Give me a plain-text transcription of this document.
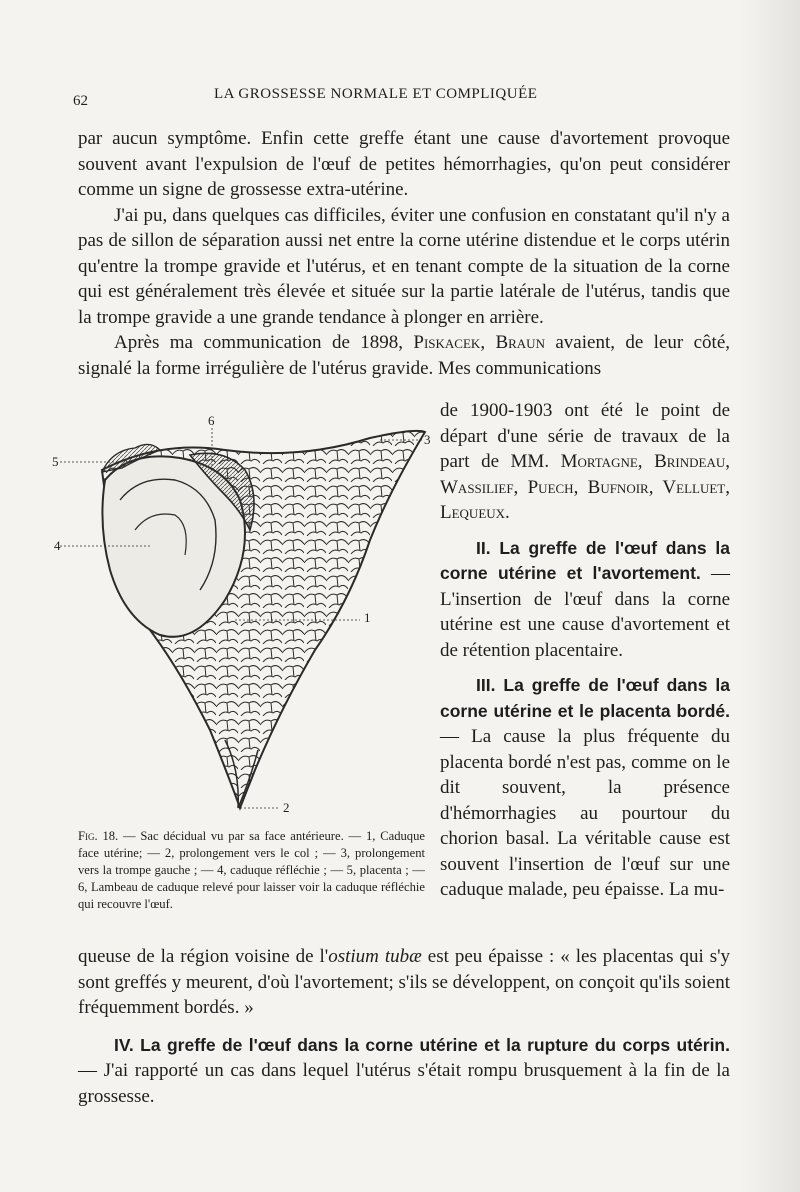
62	LA GROSSESSE NORMALE ET COMPLIQUÉE

par aucun symptôme. Enfin cette greffe étant une cause d'avortement provoque souvent avant l'expulsion de l'œuf de petites hémorrhagies, qu'on peut considérer comme un signe de grossesse extra-utérine.

J'ai pu, dans quelques cas difficiles, éviter une confusion en constatant qu'il n'y a pas de sillon de séparation aussi net entre la corne utérine distendue et le corps utérin qu'entre la trompe gravide et l'utérus, et en tenant compte de la situation de la corne qui est généralement très élevée et située sur la partie latérale de l'utérus, tandis que la trompe gravide a une grande tendance à plonger en arrière.

Après ma communication de 1898, Piskacek, Braun avaient, de leur côté, signalé la forme irrégulière de l'utérus gravide. Mes communications

de 1900-1903 ont été le point de départ d'une série de travaux de la part de MM. Mortagne, Brindeau, Wassilief, Puech, Bufnoir, Velluet, Lequeux.

II. La greffe de l'œuf dans la corne utérine et l'avortement. — L'insertion de l'œuf dans la corne utérine est une cause d'avortement et de rétention placentaire.

III. La greffe de l'œuf dans la corne utérine et le placenta bordé. — La cause la plus fréquente du placenta bordé n'est pas, comme on le dit souvent, la présence d'hémorrhagies au pourtour du chorion basal. La véritable cause est souvent l'insertion de l'œuf sur une caduque malade, peu épaisse. La mu-

1
2
3
4
5
6
Fig. 18. — Sac décidual vu par sa face antérieure. — 1, Caduque face utérine; — 2, prolongement vers le col ; — 3, prolongement vers la trompe gauche ; — 4, caduque réfléchie ; — 5, placenta ; — 6, Lambeau de caduque relevé pour laisser voir la caduque réfléchie qui recouvre l'œuf.

queuse de la région voisine de l'ostium tubæ est peu épaisse : « les placentas qui s'y sont greffés y meurent, d'où l'avortement; s'ils se développent, on conçoit qu'ils soient fréquemment bordés. »

IV. La greffe de l'œuf dans la corne utérine et la rupture du corps utérin. — J'ai rapporté un cas dans lequel l'utérus s'était rompu brusquement à la fin de la grossesse.
